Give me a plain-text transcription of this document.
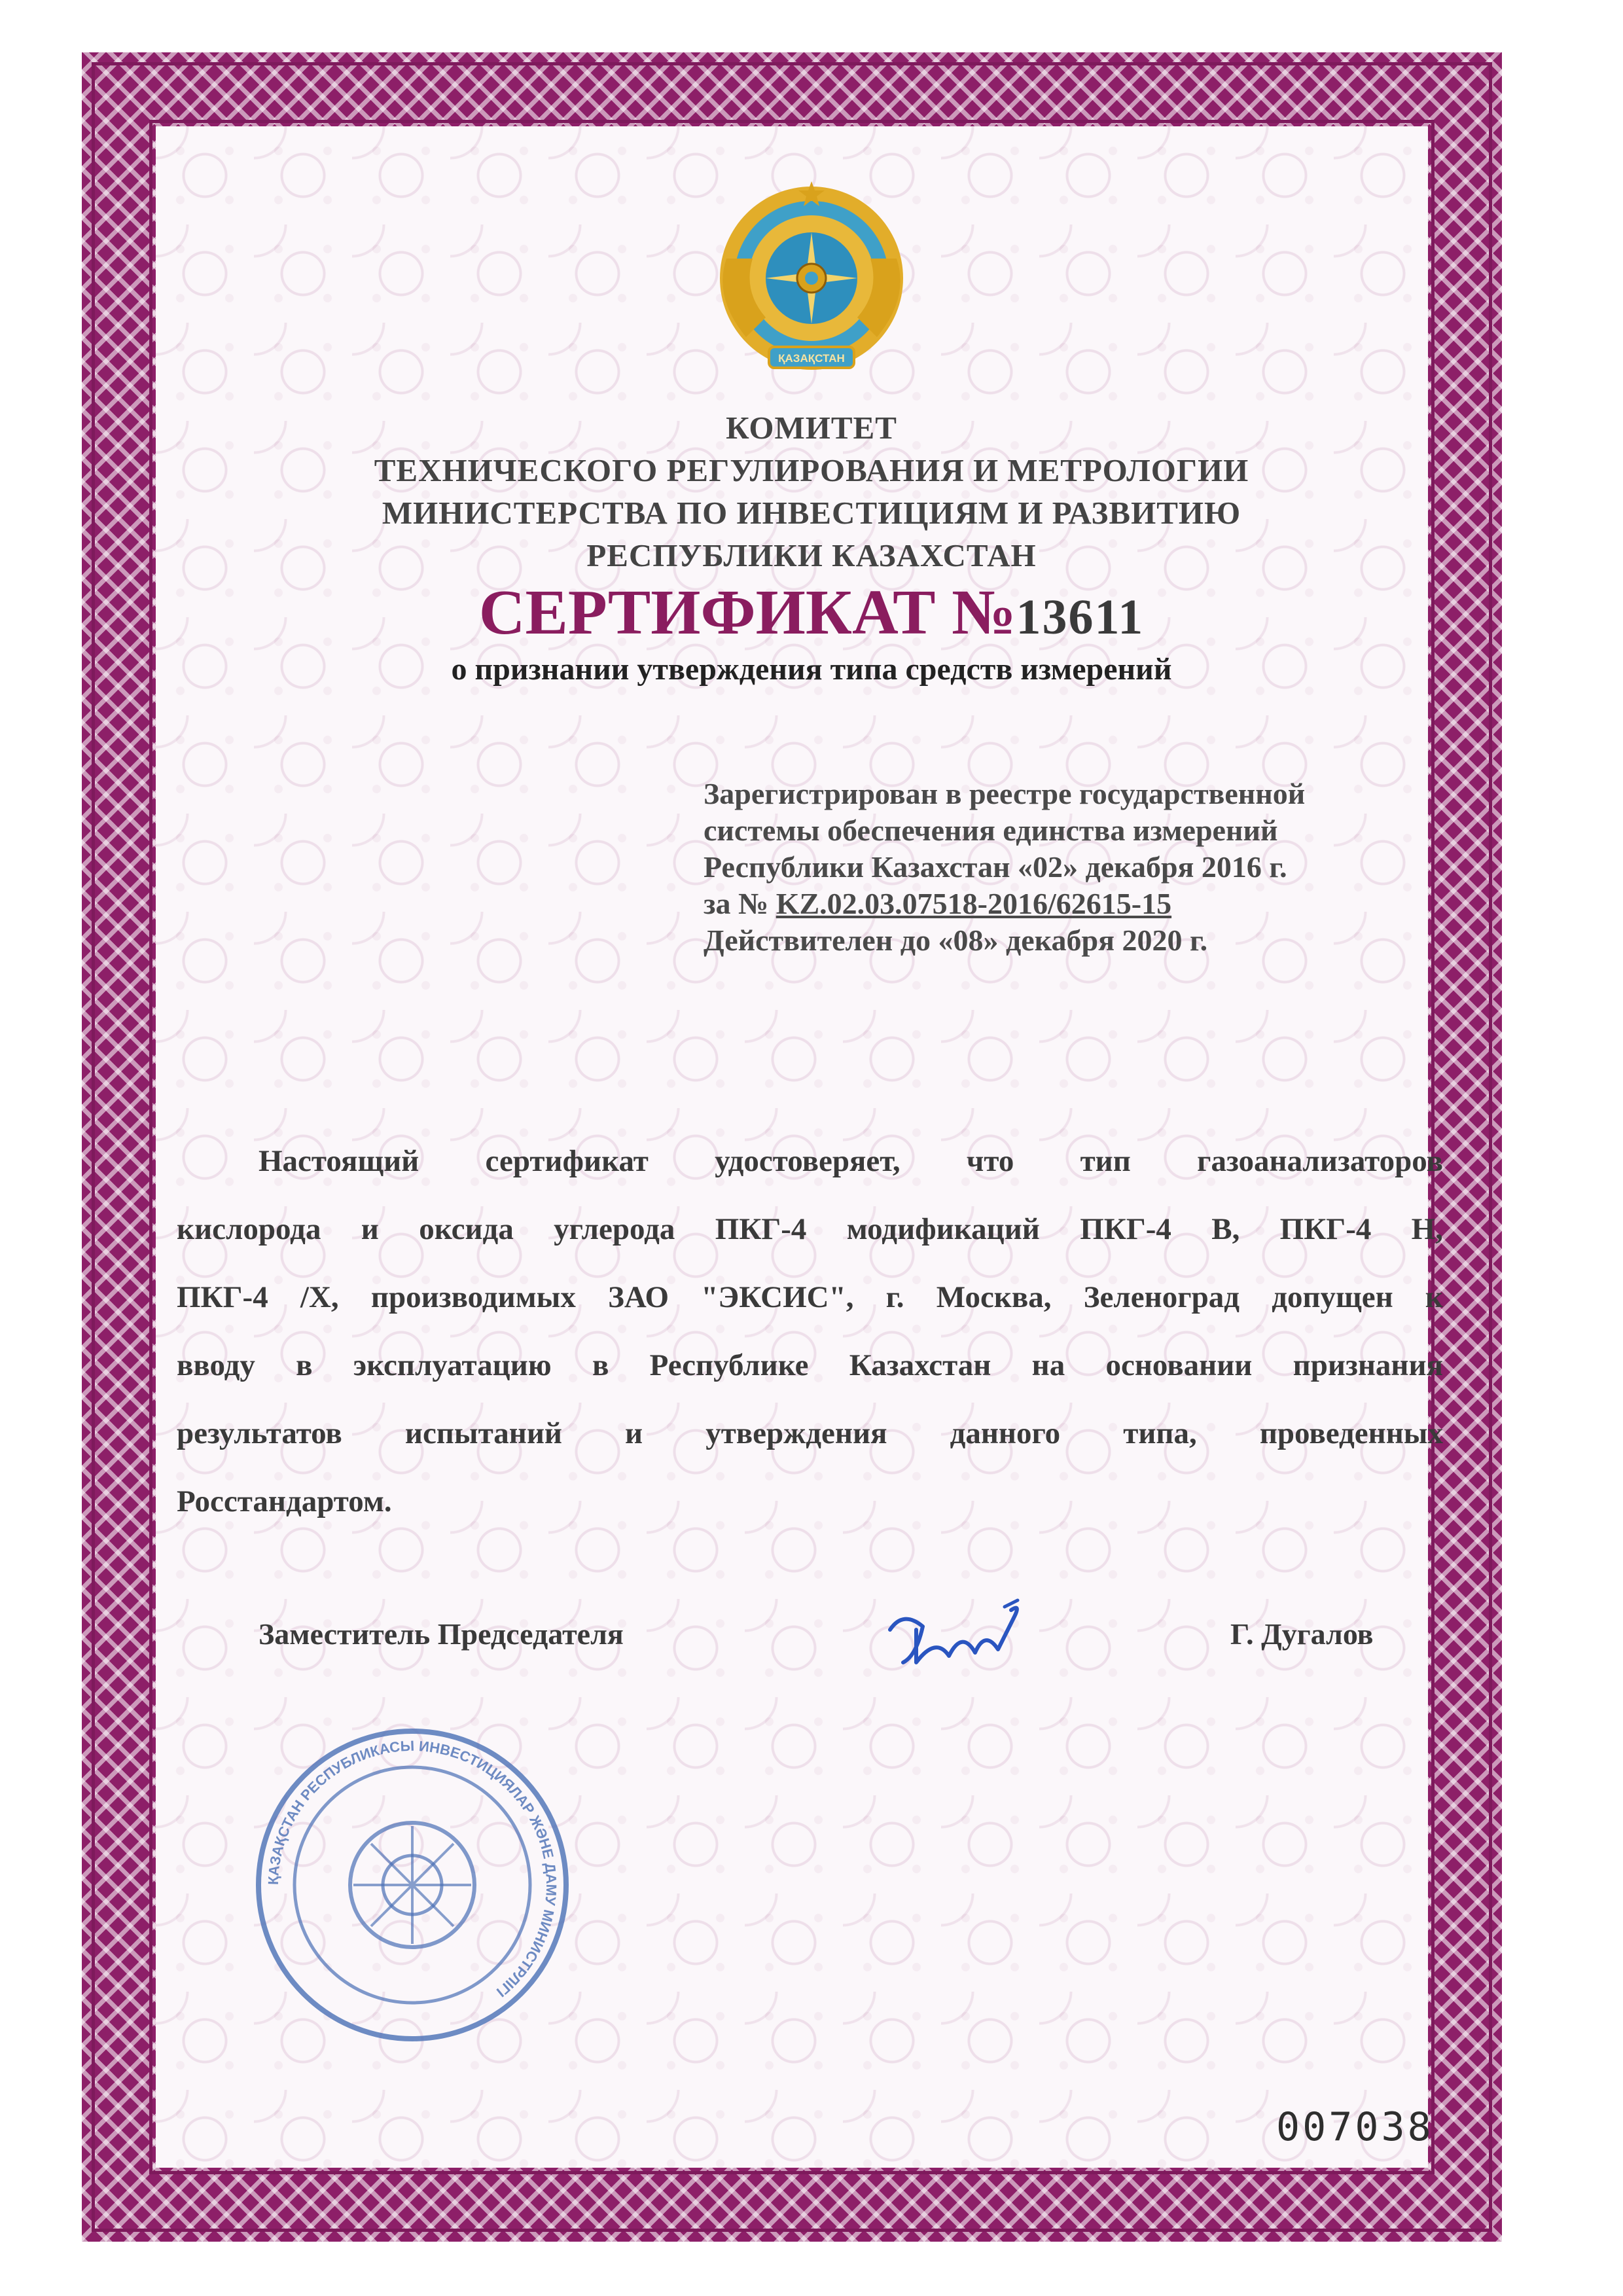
ҚАЗАҚСТАН
КОМИТЕТ
ТЕХНИЧЕСКОГО РЕГУЛИРОВАНИЯ И МЕТРОЛОГИИ
МИНИСТЕРСТВА ПО ИНВЕСТИЦИЯМ И РАЗВИТИЮ
РЕСПУБЛИКИ КАЗАХСТАН
СЕРТИФИКАТ №13611
о признании утверждения типа средств измерений
Зарегистрирован в реестре государственной
системы обеспечения единства измерений
Республики Казахстан «02» декабря 2016 г.
за № KZ.02.03.07518-2016/62615-15
Действителен до «08» декабря 2020 г.
Настоящий сертификат удостоверяет, что тип газоанализаторов
кислорода и оксида углерода ПКГ-4 модификаций ПКГ-4 В, ПКГ-4 Н,
ПКГ-4 /Х, производимых ЗАО "ЭКСИС", г. Москва, Зеленоград допущен к
вводу в эксплуатацию в Республике Казахстан на основании признания
результатов испытаний и утверждения данного типа, проведенных
Росстандартом.
Заместитель Председателя	Г. Дугалов
ҚАЗАҚСТАН РЕСПУБЛИКАСЫ ИНВЕСТИЦИЯЛАР ЖӘНЕ ДАМУ МИНИСТРЛІГІ
007038
